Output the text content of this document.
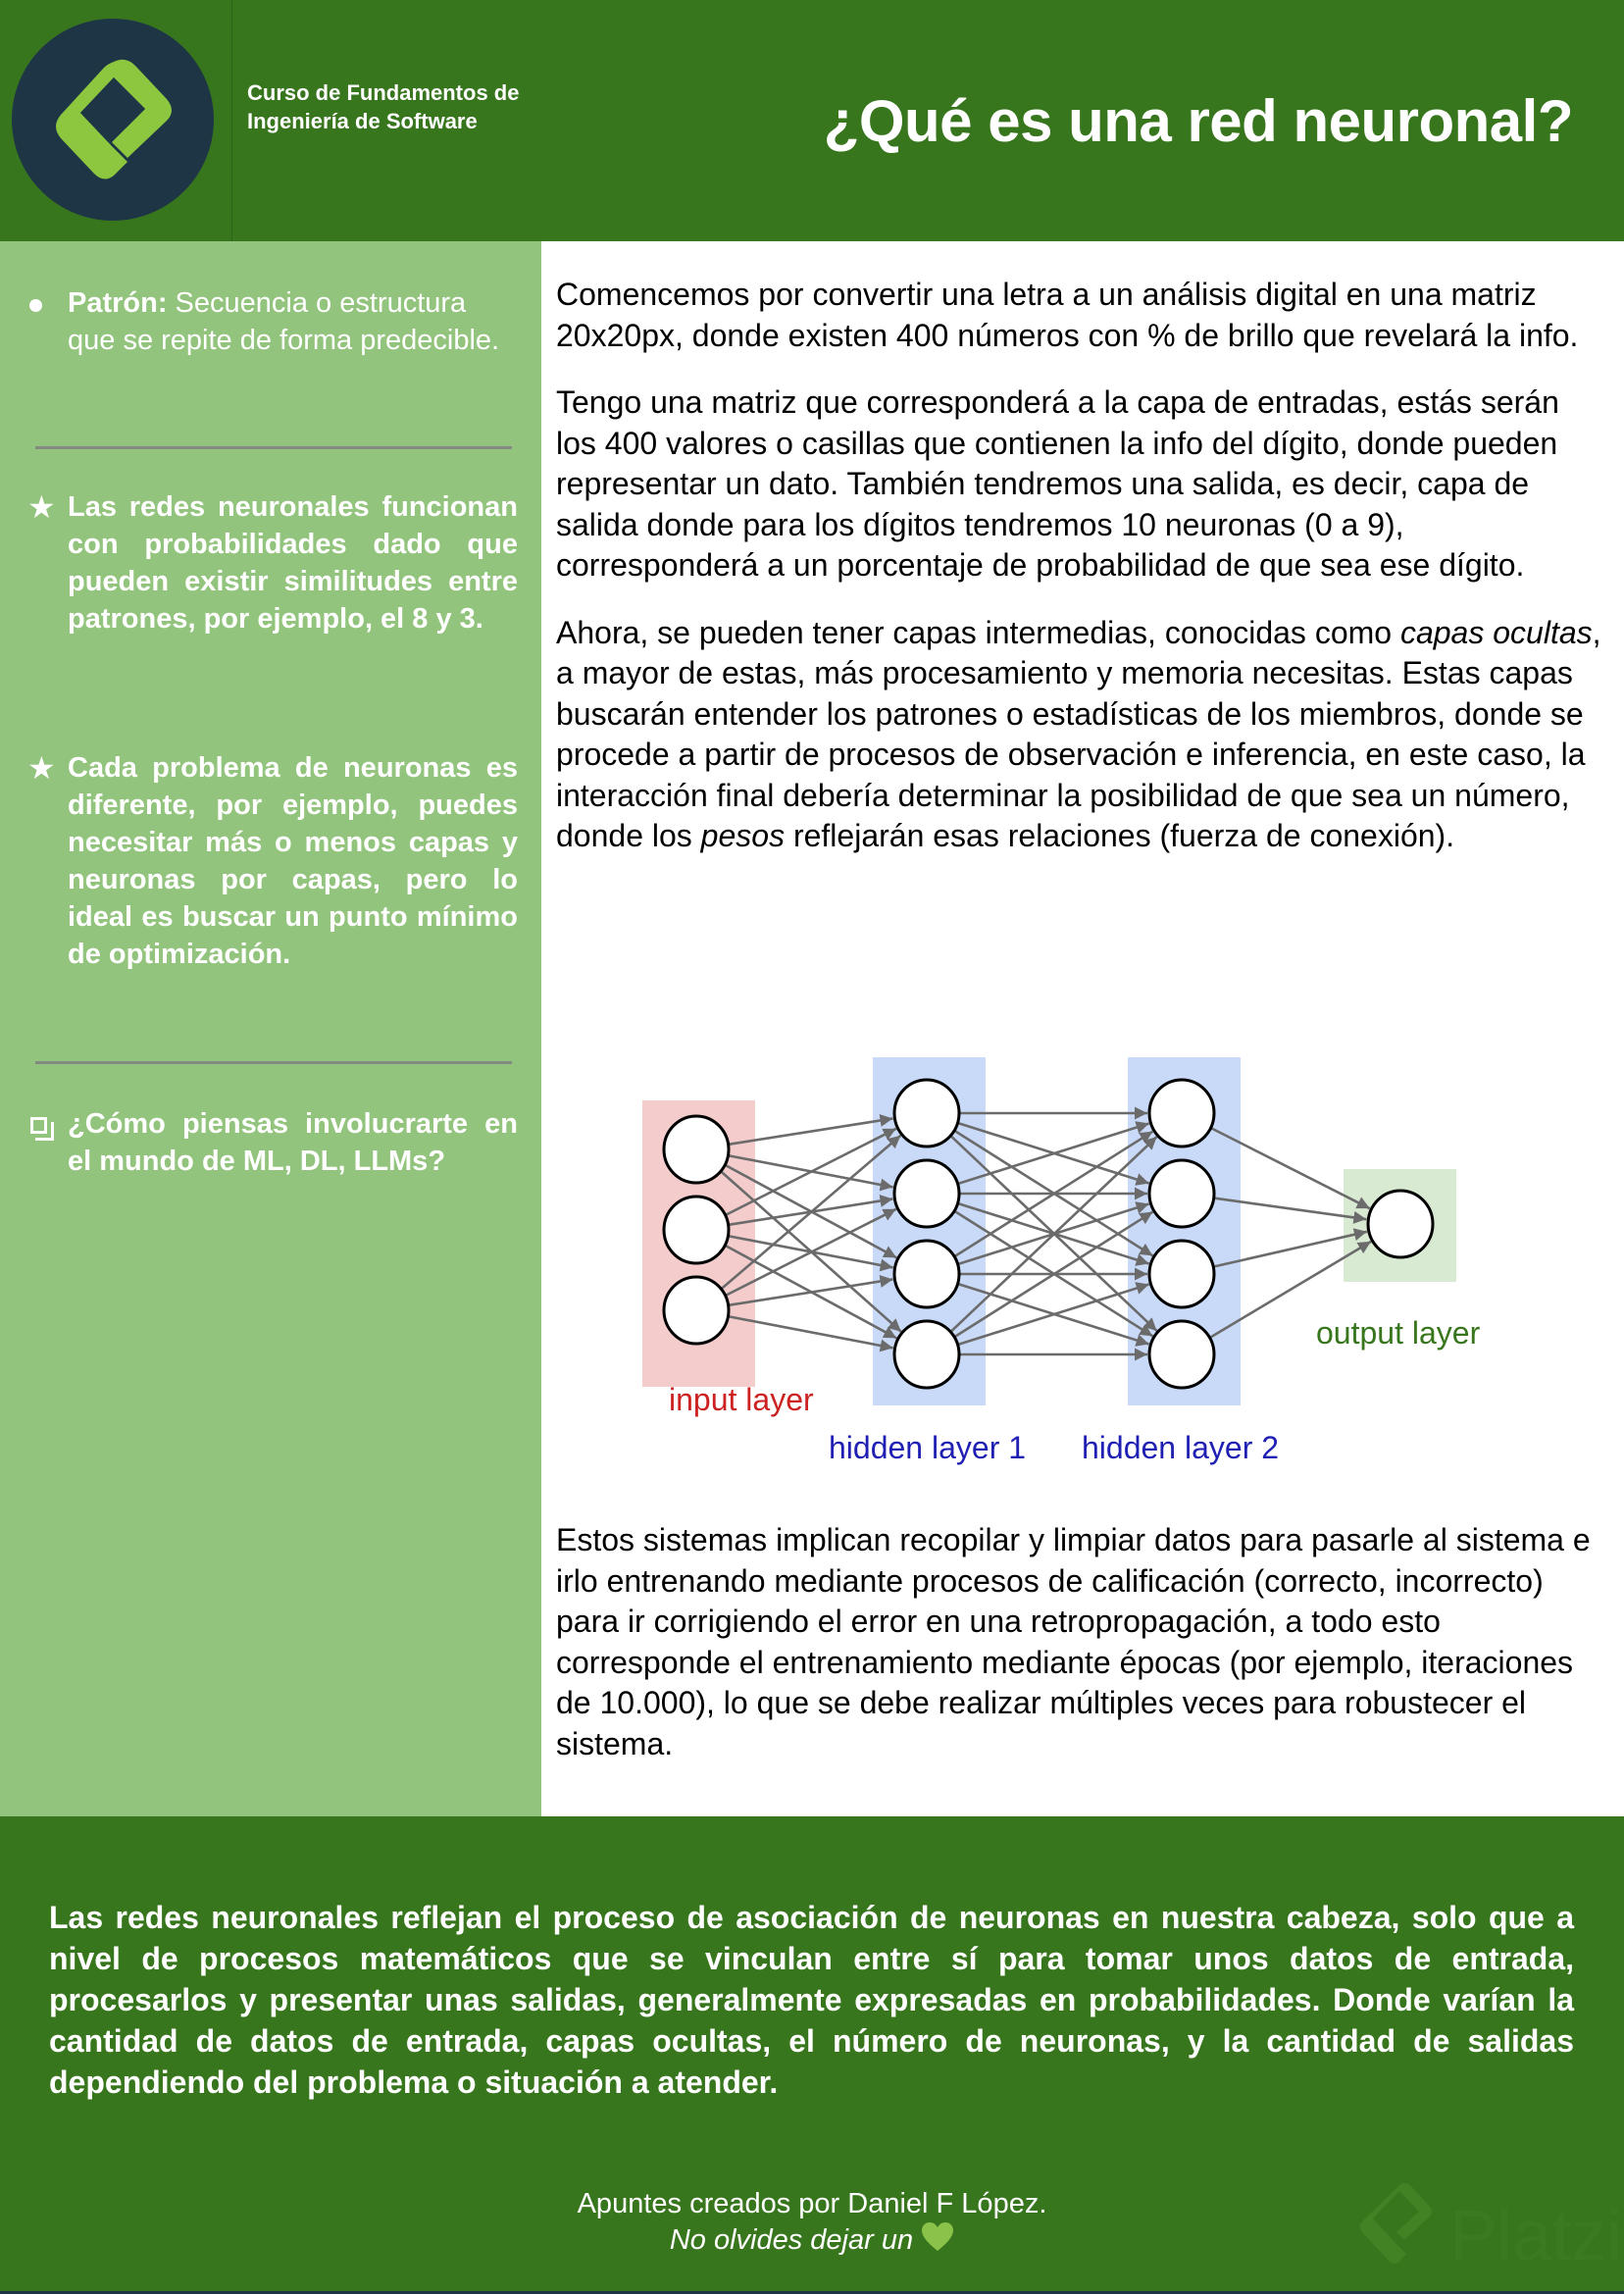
Curso de Fundamentos de Ingeniería de Software	¿Qué es una red neuronal?
Patrón: Secuencia o estructura que se repite de forma predecible.
★ Las redes neuronales funcionan con probabilidades dado que pueden existir similitudes entre patrones, por ejemplo, el 8 y 3.
★ Cada problema de neuronas es diferente, por ejemplo, puedes necesitar más o menos capas y neuronas por capas, pero lo ideal es buscar un punto mínimo de optimización.
¿Cómo piensas involucrarte en el mundo de ML, DL, LLMs?

Comencemos por convertir una letra a un análisis digital en una matriz 20x20px, donde existen 400 números con % de brillo que revelará la info.

Tengo una matriz que corresponderá a la capa de entradas, estás serán los 400 valores o casillas que contienen la info del dígito, donde pueden representar un dato. También tendremos una salida, es decir, capa de salida donde para los dígitos tendremos 10 neuronas (0 a 9), corresponderá a un porcentaje de probabilidad de que sea ese dígito.

Ahora, se pueden tener capas intermedias, conocidas como capas ocultas, a mayor de estas, más procesamiento y memoria necesitas. Estas capas buscarán entender los patrones o estadísticas de los miembros, donde se procede a partir de procesos de observación e inferencia, en este caso, la interacción final debería determinar la posibilidad de que sea un número, donde los pesos reflejarán esas relaciones (fuerza de conexión).

input layer
hidden layer 1 hidden layer 2
output layer
Estos sistemas implican recopilar y limpiar datos para pasarle al sistema e irlo entrenando mediante procesos de calificación (correcto, incorrecto) para ir corrigiendo el error en una retropropagación, a todo esto corresponde el entrenamiento mediante épocas (por ejemplo, iteraciones de 10.000), lo que se debe realizar múltiples veces para robustecer el sistema.
Las redes neuronales reflejan el proceso de asociación de neuronas en nuestra cabeza, solo que a nivel de procesos matemáticos que se vinculan entre sí para tomar unos datos de entrada, procesarlos y presentar unas salidas, generalmente expresadas en probabilidades. Donde varían la cantidad de datos de entrada, capas ocultas, el número de neuronas, y la cantidad de salidas dependiendo del problema o situación a atender.
Apuntes creados por Daniel F López.
No olvides dejar un	Platzi
